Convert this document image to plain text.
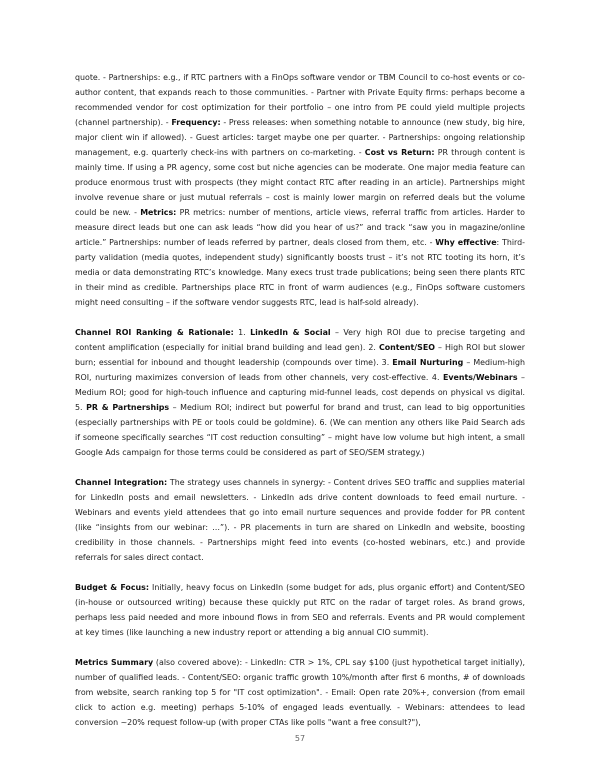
quote. - Partnerships: e.g., if RTC partners with a FinOps software vendor or TBM Council to co-host events or co-author content, that expands reach to those communities. - Partner with Private Equity firms: perhaps become a recommended vendor for cost optimization for their portfolio – one intro from PE could yield multiple projects (channel partnership). - Frequency: - Press releases: when something notable to announce (new study, big hire, major client win if allowed). - Guest articles: target maybe one per quarter. - Partnerships: ongoing relationship management, e.g. quarterly check-ins with partners on co-marketing. - Cost vs Return: PR through content is mainly time. If using a PR agency, some cost but niche agencies can be moderate. One major media feature can produce enormous trust with prospects (they might contact RTC after reading in an article). Partnerships might involve revenue share or just mutual referrals – cost is mainly lower margin on referred deals but the volume could be new. - Metrics: PR metrics: number of mentions, article views, referral traffic from articles. Harder to measure direct leads but one can ask leads “how did you hear of us?” and track “saw you in magazine/online article.” Partnerships: number of leads referred by partner, deals closed from them, etc. - Why effective: Third-party validation (media quotes, independent study) significantly boosts trust – it’s not RTC tooting its horn, it’s media or data demonstrating RTC’s knowledge. Many execs trust trade publications; being seen there plants RTC in their mind as credible. Partnerships place RTC in front of warm audiences (e.g., FinOps software customers might need consulting – if the software vendor suggests RTC, lead is half-sold already).

Channel ROI Ranking & Rationale: 1. LinkedIn & Social – Very high ROI due to precise targeting and content amplification (especially for initial brand building and lead gen). 2. Content/SEO – High ROI but slower burn; essential for inbound and thought leadership (compounds over time). 3. Email Nurturing – Medium-high ROI, nurturing maximizes conversion of leads from other channels, very cost-effective. 4. Events/Webinars – Medium ROI; good for high-touch influence and capturing mid-funnel leads, cost depends on physical vs digital. 5. PR & Partnerships – Medium ROI; indirect but powerful for brand and trust, can lead to big opportunities (especially partnerships with PE or tools could be goldmine). 6. (We can mention any others like Paid Search ads if someone specifically searches “IT cost reduction consulting” – might have low volume but high intent, a small Google Ads campaign for those terms could be considered as part of SEO/SEM strategy.)

Channel Integration: The strategy uses channels in synergy: - Content drives SEO traffic and supplies material for LinkedIn posts and email newsletters. - LinkedIn ads drive content downloads to feed email nurture. - Webinars and events yield attendees that go into email nurture sequences and provide fodder for PR content (like “insights from our webinar: …”). - PR placements in turn are shared on LinkedIn and website, boosting credibility in those channels. - Partnerships might feed into events (co-hosted webinars, etc.) and provide referrals for sales direct contact.

Budget & Focus: Initially, heavy focus on LinkedIn (some budget for ads, plus organic effort) and Content/SEO (in-house or outsourced writing) because these quickly put RTC on the radar of target roles. As brand grows, perhaps less paid needed and more inbound flows in from SEO and referrals. Events and PR would complement at key times (like launching a new industry report or attending a big annual CIO summit).

Metrics Summary (also covered above): - LinkedIn: CTR > 1%, CPL say $100 (just hypothetical target initially), number of qualified leads. - Content/SEO: organic traffic growth 10%/month after first 6 months, # of downloads from website, search ranking top 5 for "IT cost optimization". - Email: Open rate 20%+, conversion (from email click to action e.g. meeting) perhaps 5-10% of engaged leads eventually. - Webinars: attendees to lead conversion ~20% request follow-up (with proper CTAs like polls "want a free consult?"),

57
